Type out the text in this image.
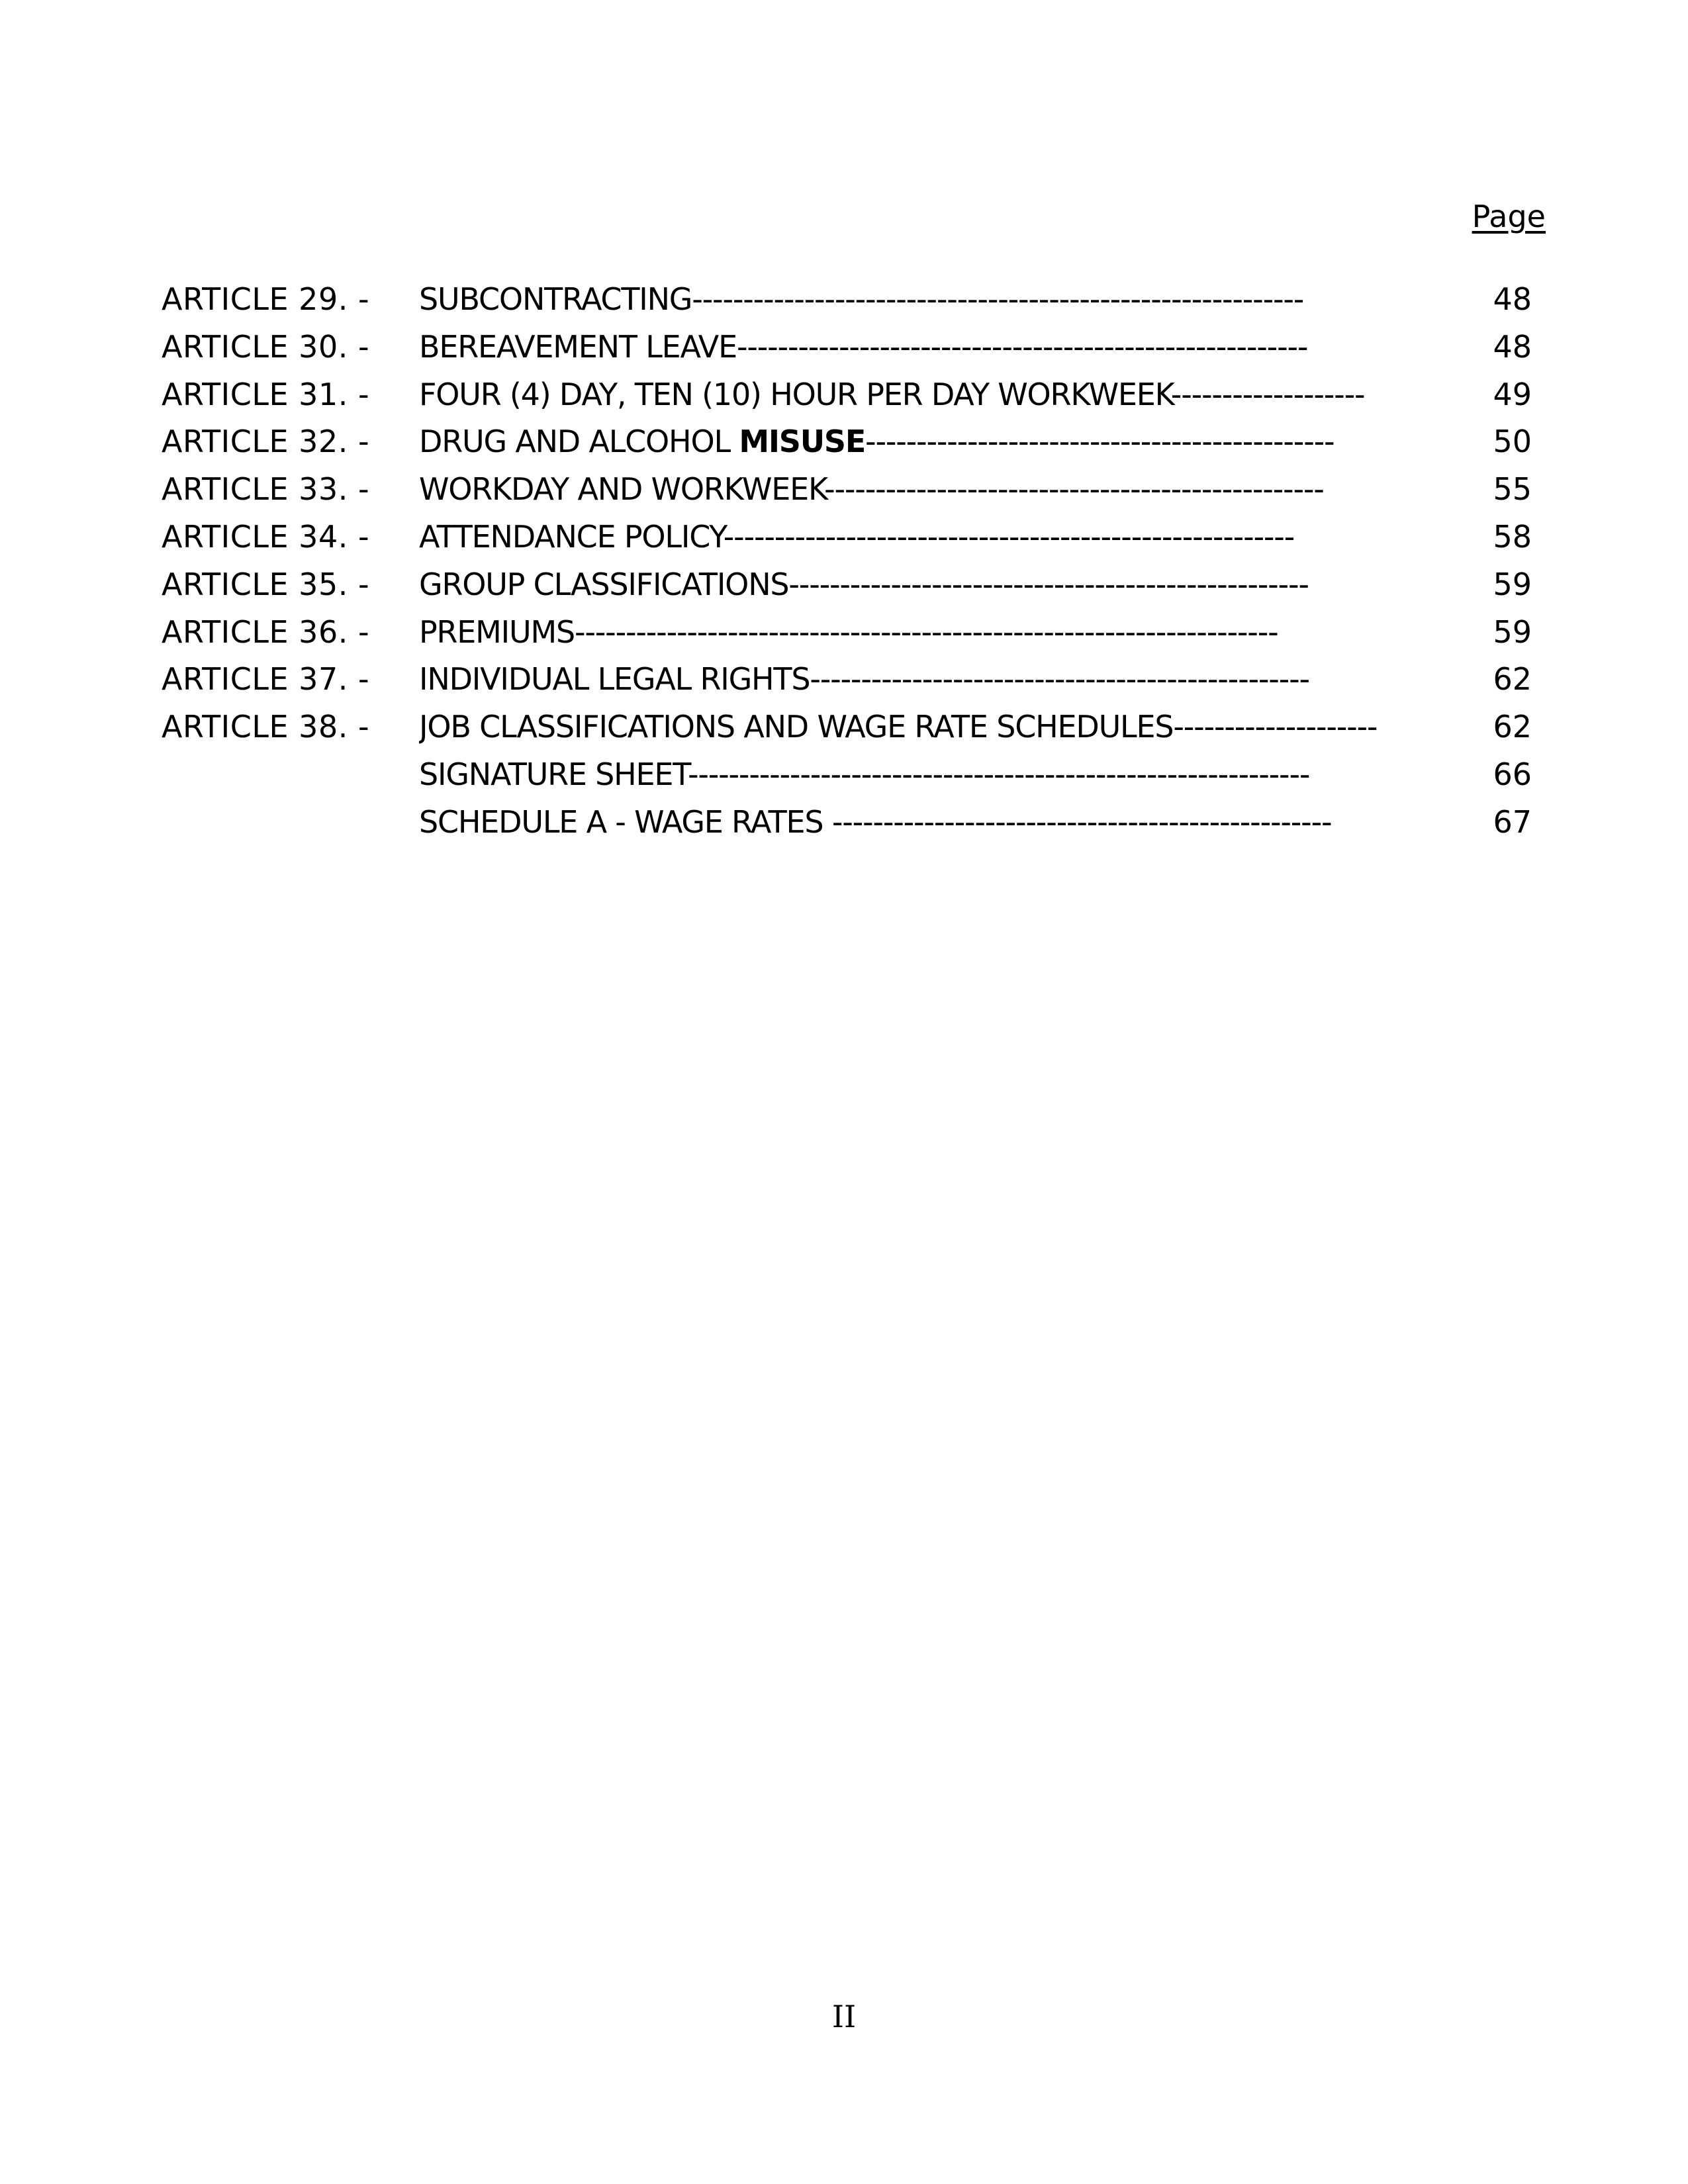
Page
ARTICLE 29. -	SUBCONTRACTING------------------------------------------------------------	48
ARTICLE 30. -	BEREAVEMENT LEAVE--------------------------------------------------------	48
ARTICLE 31. -	FOUR (4) DAY, TEN (10) HOUR PER DAY WORKWEEK-------------------	49
ARTICLE 32. -	DRUG AND ALCOHOL MISUSE----------------------------------------------	50
ARTICLE 33. -	WORKDAY AND WORKWEEK-------------------------------------------------	55
ARTICLE 34. -	ATTENDANCE POLICY--------------------------------------------------------	58
ARTICLE 35. -	GROUP CLASSIFICATIONS---------------------------------------------------	59
ARTICLE 36. -	PREMIUMS---------------------------------------------------------------------	59
ARTICLE 37. -	INDIVIDUAL LEGAL RIGHTS-------------------------------------------------	62
ARTICLE 38. -	JOB CLASSIFICATIONS AND WAGE RATE SCHEDULES--------------------	62
SIGNATURE SHEET-------------------------------------------------------------	66
SCHEDULE A - WAGE RATES -------------------------------------------------	67
II
